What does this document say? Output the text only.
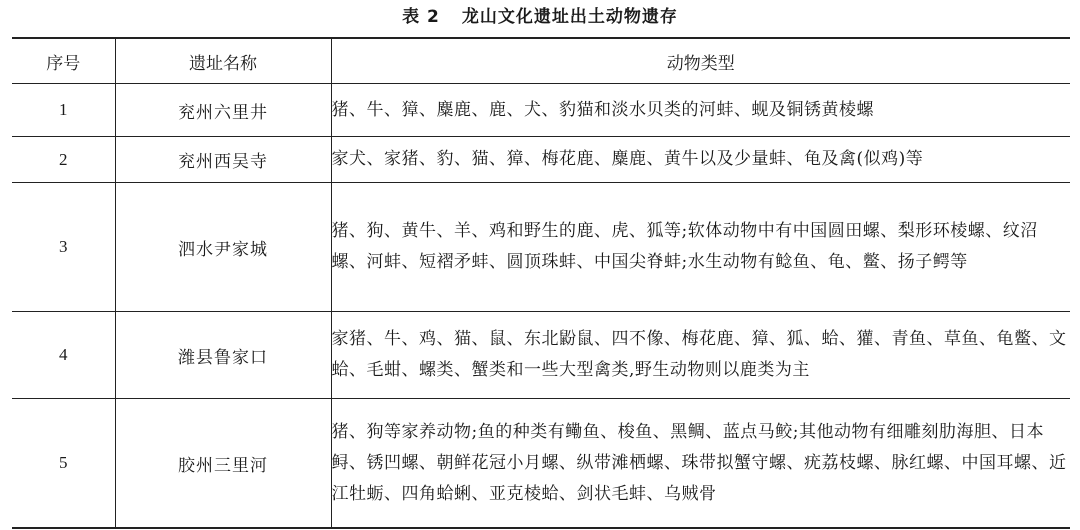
表 2 龙山文化遗址出土动物遗存
序号	遗址名称	动物类型
1	兖州六里井	猪、牛、獐、麋鹿、鹿、犬、豹猫和淡水贝类的河蚌、蚬及铜锈黄棱螺
2	兖州西吴寺	家犬、家猪、豹、猫、獐、梅花鹿、麋鹿、黄牛以及少量蚌、龟及禽(似鸡)等
3	泗水尹家城	猪、狗、黄牛、羊、鸡和野生的鹿、虎、狐等;软体动物中有中国圆田螺、梨形环棱螺、纹沼螺、河蚌、短褶矛蚌、圆顶珠蚌、中国尖脊蚌;水生动物有鲶鱼、龟、鳖、扬子鳄等
4	潍县鲁家口	家猪、牛、鸡、猫、鼠、东北鼢鼠、四不像、梅花鹿、獐、狐、蛤、獾、青鱼、草鱼、龟鳖、文蛤、毛蚶、螺类、蟹类和一些大型禽类,野生动物则以鹿类为主
5	胶州三里河	猪、狗等家养动物;鱼的种类有鳓鱼、梭鱼、黑鲷、蓝点马鲛;其他动物有细雕刻肋海胆、日本鲟、锈凹螺、朝鲜花冠小月螺、纵带滩栖螺、珠带拟蟹守螺、疣荔枝螺、脉红螺、中国耳螺、近江牡蛎、四角蛤蜊、亚克棱蛤、剑状毛蚌、乌贼骨
